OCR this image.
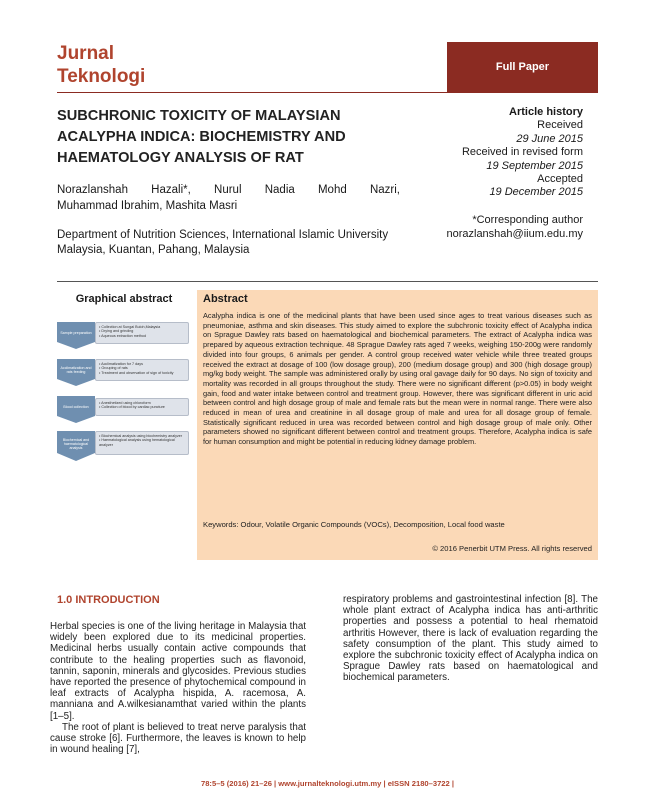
Jurnal
Teknologi	Full Paper
SUBCHRONIC TOXICITY OF MALAYSIAN ACALYPHA INDICA: BIOCHEMISTRY AND HAEMATOLOGY ANALYSIS OF RAT
Norazlanshah Hazali*, Nurul Nadia Mohd Nazri,
Muhammad Ibrahim, Mashita Masri
Department of Nutrition Sciences, International Islamic University Malaysia, Kuantan, Pahang, Malaysia
Article history
Received
29 June 2015
Received in revised form
19 September 2015
Accepted
19 December 2015
*Corresponding author
norazlanshah@iium.edu.my
Graphical abstract
Sample preparation
• Collection at Sungai Buloh,Malaysia
• Drying and grinding
• Aqueous extraction method
Acclimatization and rats feeding
• Acclimatization for 7 days
• Grouping of rats
• Treatment and observation of sign of toxicity
Blood collection
• Anesthetized using chloroform
• Collection of blood by cardiac puncture
Biochemical and haematological analysis
• Biochemical analysis using biochemistry analyzer
• Haematological analysis using hematological analyzer
Abstract
Acalypha indica is one of the medicinal plants that have been used since ages to treat various diseases such as pneumoniae, asthma and skin diseases. This study aimed to explore the subchronic toxicity effect of Acalypha indica on Sprague Dawley rats based on haematological and biochemical parameters. The extract of Acalypha indica was prepared by aqueous extraction technique. 48 Sprague Dawley rats aged 7 weeks, weighing 150-200g were randomly divided into four groups, 6 animals per gender. A control group received water vehicle while three treated groups received the extract at dosage of 100 (low dosage group), 200 (medium dosage group) and 300 (high dosage group) mg/kg body weight. The sample was administered orally by using oral gavage daily for 90 days. No sign of toxicity and mortality was recorded in all groups throughout the study. There were no significant different (p>0.05) in body weight gain, food and water intake between control and treatment group. However, there was significant different in uric acid between control and high dosage group of male and female rats but the mean were in normal range. There were also reduced in mean of urea and creatinine in all dosage group of male and urea for all dosage group of female. Statistically significant reduced in urea was recorded between control and high dosage group of male only. Other parameters showed no significant different between control and treatment groups. Therefore, Acalypha indica is safe for human consumption and might be potential in reducing kidney damage problem.
Keywords: Odour, Volatile Organic Compounds (VOCs), Decomposition, Local food waste
© 2016 Penerbit UTM Press. All rights reserved
1.0 INTRODUCTION

Herbal species is one of the living heritage in Malaysia that widely been explored due to its medicinal properties. Medicinal herbs usually contain active compounds that contribute to the healing properties such as flavonoid, tannin, saponin, minerals and glycosides. Previous studies have reported the presence of phytochemical compound in leaf extracts of Acalypha hispida, A. racemosa, A. manniana and A.wilkesianamthat varied within the plants [1–5].

The root of plant is believed to treat nerve paralysis that cause stroke [6]. Furthermore, the leaves is known to help in wound healing [7],

respiratory problems and gastrointestinal infection [8]. The whole plant extract of Acalypha indica has anti-arthritic properties and possess a potential to heal rhematoid arthritis However, there is lack of evaluation regarding the safety consumption of the plant. This study aimed to explore the subchronic toxicity effect of Acalypha indica on Sprague Dawley rats based on haematological and biochemical parameters.

78:5–5 (2016) 21–26 | www.jurnalteknologi.utm.my | eISSN 2180–3722 |
